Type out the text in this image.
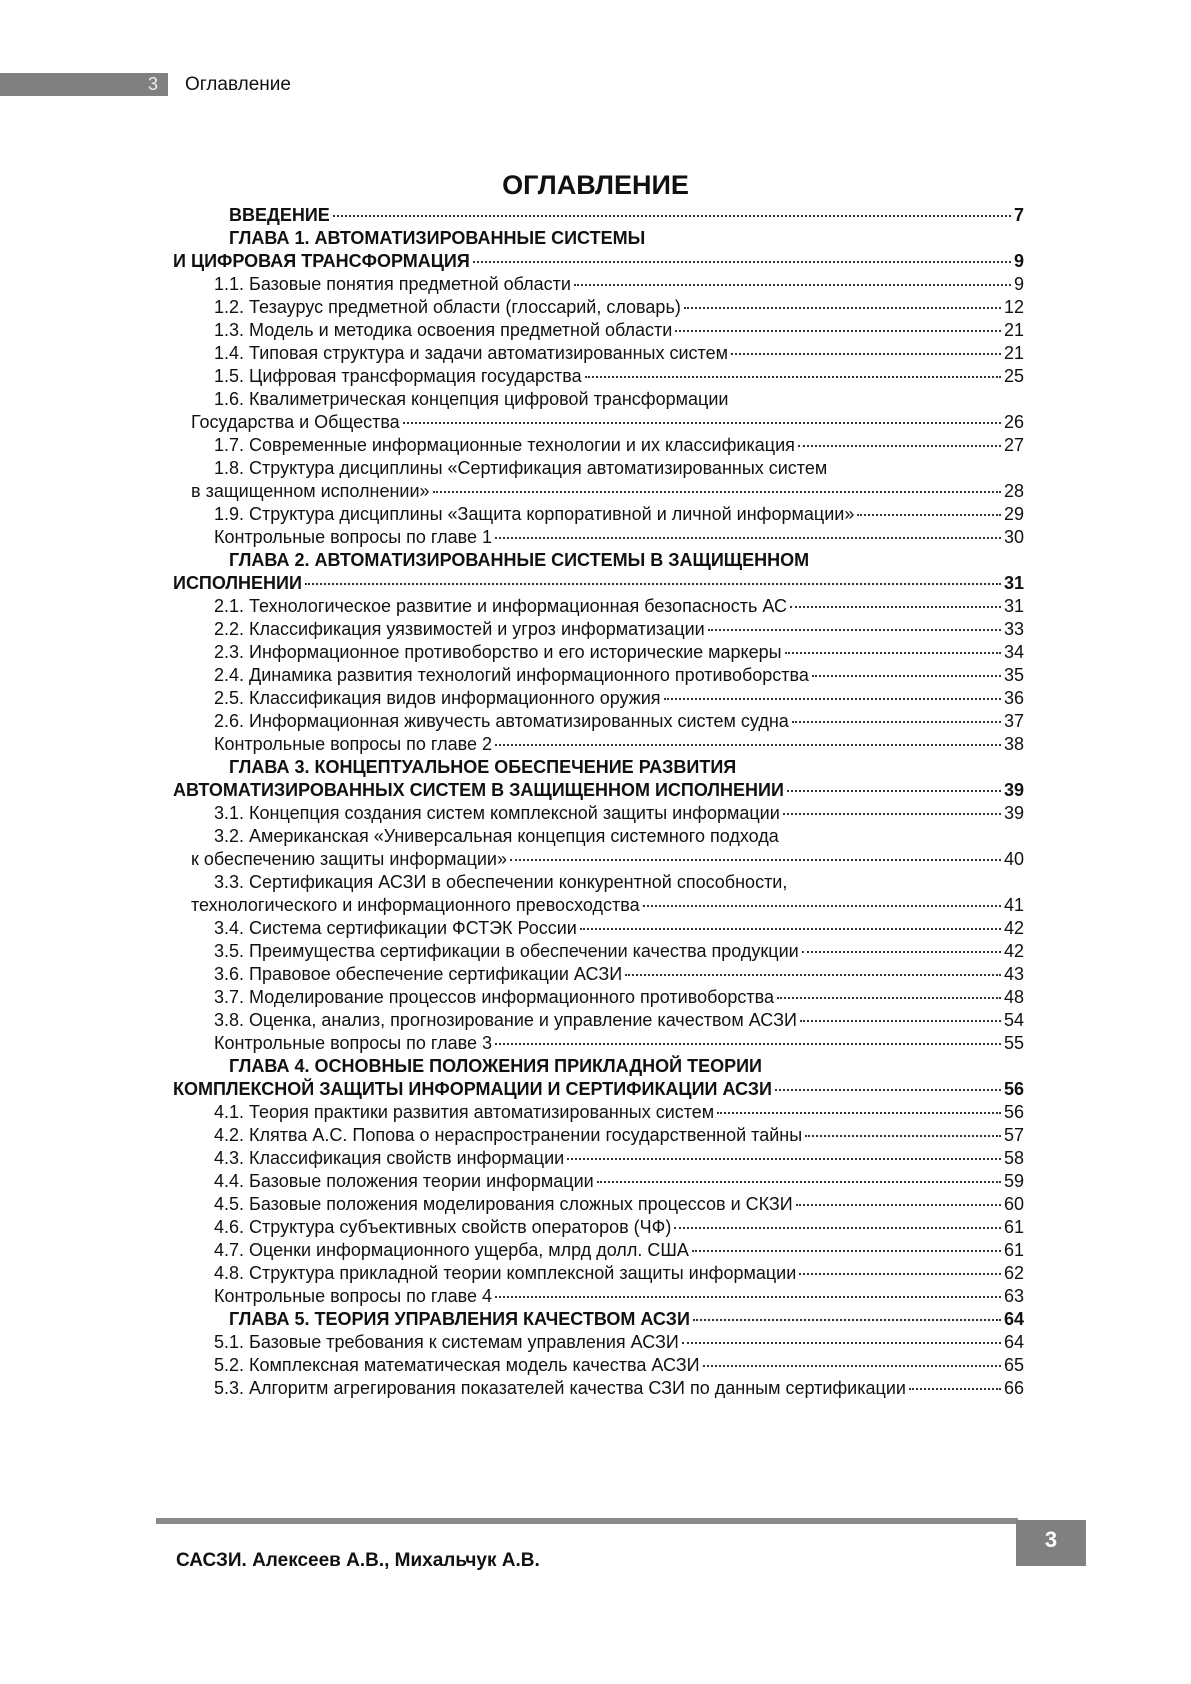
3 Оглавление
ОГЛАВЛЕНИЕ
ВВЕДЕНИЕ	7
ГЛАВА 1. АВТОМАТИЗИРОВАННЫЕ СИСТЕМЫ
И ЦИФРОВАЯ ТРАНСФОРМАЦИЯ	9
1.1. Базовые понятия предметной области	9
1.2. Тезаурус предметной области (глоссарий, словарь)	12
1.3. Модель и методика освоения предметной области	21
1.4. Типовая структура и задачи автоматизированных систем	21
1.5. Цифровая трансформация государства	25
1.6. Квалиметрическая концепция цифровой трансформации
Государства и Общества	26
1.7. Современные информационные технологии и их классификация	27
1.8. Структура дисциплины «Сертификация автоматизированных систем
в защищенном исполнении»	28
1.9. Структура дисциплины «Защита корпоративной и личной информации»	29
Контрольные вопросы по главе 1	30
ГЛАВА 2. АВТОМАТИЗИРОВАННЫЕ СИСТЕМЫ В ЗАЩИЩЕННОМ
ИСПОЛНЕНИИ	31
2.1. Технологическое развитие и информационная безопасность АС	31
2.2. Классификация уязвимостей и угроз информатизации	33
2.3. Информационное противоборство и его исторические маркеры	34
2.4. Динамика развития технологий информационного противоборства	35
2.5. Классификация видов информационного оружия	36
2.6. Информационная живучесть автоматизированных систем судна	37
Контрольные вопросы по главе 2	38
ГЛАВА 3. КОНЦЕПТУАЛЬНОЕ ОБЕСПЕЧЕНИЕ РАЗВИТИЯ
АВТОМАТИЗИРОВАННЫХ СИСТЕМ В ЗАЩИЩЕННОМ ИСПОЛНЕНИИ	39
3.1. Концепция создания систем комплексной защиты информации	39
3.2. Американская «Универсальная концепция системного подхода
к обеспечению защиты информации»	40
3.3. Сертификация АСЗИ в обеспечении конкурентной способности,
технологического и информационного превосходства	41
3.4. Система сертификации ФСТЭК России	42
3.5. Преимущества сертификации в обеспечении качества продукции	42
3.6. Правовое обеспечение сертификации АСЗИ	43
3.7. Моделирование процессов информационного противоборства	48
3.8. Оценка, анализ, прогнозирование и управление качеством АСЗИ	54
Контрольные вопросы по главе 3	55
ГЛАВА 4. ОСНОВНЫЕ ПОЛОЖЕНИЯ ПРИКЛАДНОЙ ТЕОРИИ
КОМПЛЕКСНОЙ ЗАЩИТЫ ИНФОРМАЦИИ И СЕРТИФИКАЦИИ АСЗИ	56
4.1. Теория практики развития автоматизированных систем	56
4.2. Клятва А.С. Попова о нераспространении государственной тайны	57
4.3. Классификация свойств информации	58
4.4. Базовые положения теории информации	59
4.5. Базовые положения моделирования сложных процессов и СКЗИ	60
4.6. Структура субъективных свойств операторов (ЧФ)	61
4.7. Оценки информационного ущерба, млрд долл. США	61
4.8. Структура прикладной теории комплексной защиты информации	62
Контрольные вопросы по главе 4	63
ГЛАВА 5. ТЕОРИЯ УПРАВЛЕНИЯ КАЧЕСТВОМ АСЗИ	64
5.1. Базовые требования к системам управления АСЗИ	64
5.2. Комплексная математическая модель качества АСЗИ	65
5.3. Алгоритм агрегирования показателей качества СЗИ по данным сертификации	66
3
САСЗИ. Алексеев А.В., Михальчук А.В.
